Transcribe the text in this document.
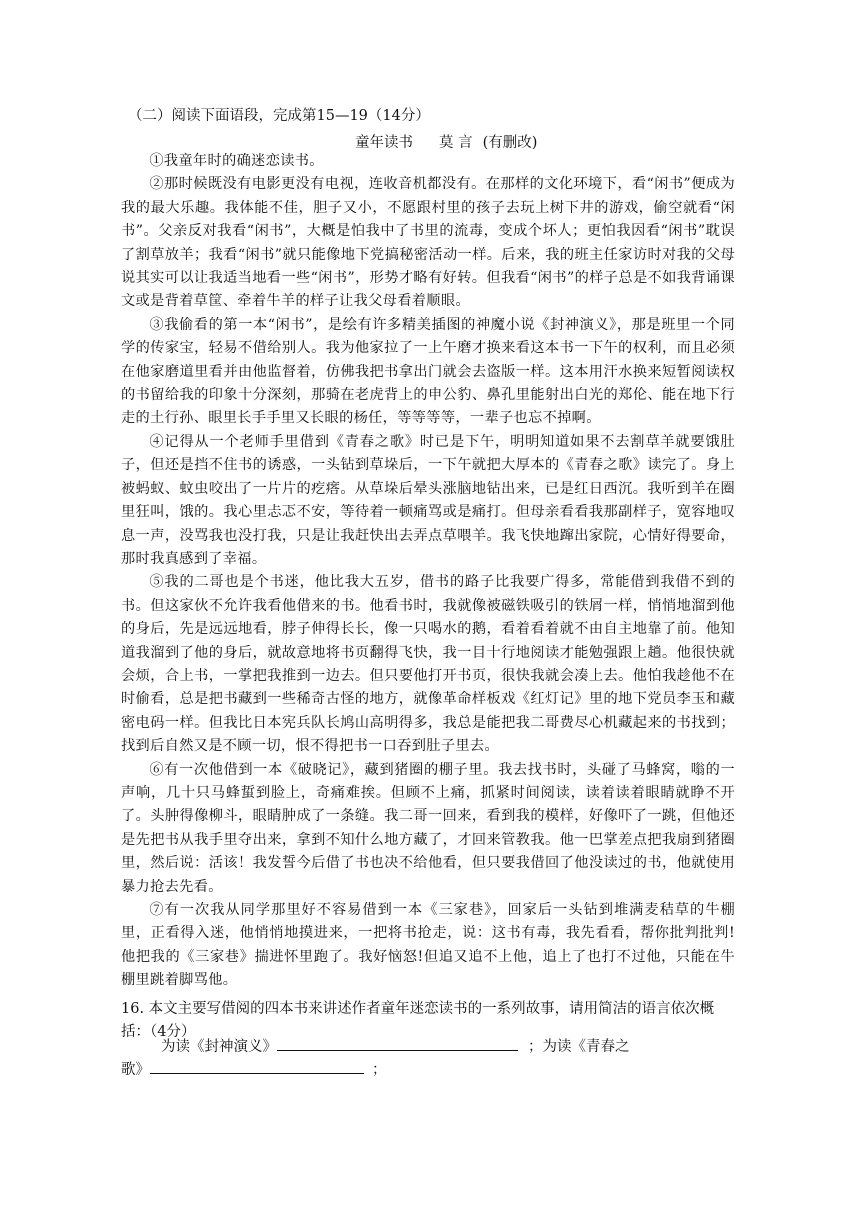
（二）阅读下面语段，完成第15—19（14分）
童年读书 莫 言 (有删改)

①我童年时的确迷恋读书。

②那时候既没有电影更没有电视，连收音机都没有。在那样的文化环境下，看“闲书”便成为我的最大乐趣。我体能不佳，胆子又小，不愿跟村里的孩子去玩上树下井的游戏，偷空就看“闲书”。父亲反对我看“闲书”，大概是怕我中了书里的流毒，变成个坏人；更怕我因看“闲书”耽误了割草放羊；我看“闲书”就只能像地下党搞秘密活动一样。后来，我的班主任家访时对我的父母说其实可以让我适当地看一些“闲书”，形势才略有好转。但我看“闲书”的样子总是不如我背诵课文或是背着草筐、牵着牛羊的样子让我父母看着顺眼。

③我偷看的第一本“闲书”，是绘有许多精美插图的神魔小说《封神演义》，那是班里一个同学的传家宝，轻易不借给别人。我为他家拉了一上午磨才换来看这本书一下午的权利，而且必须在他家磨道里看并由他监督着，仿佛我把书拿出门就会去盗版一样。这本用汗水换来短暂阅读权的书留给我的印象十分深刻，那骑在老虎背上的申公豹、鼻孔里能射出白光的郑伦、能在地下行走的土行孙、眼里长手手里又长眼的杨任，等等等等，一辈子也忘不掉啊。

④记得从一个老师手里借到《青春之歌》时已是下午，明明知道如果不去割草羊就要饿肚子，但还是挡不住书的诱惑，一头钻到草垛后，一下午就把大厚本的《青春之歌》读完了。身上被蚂蚁、蚊虫咬出了一片片的疙瘩。从草垛后晕头涨脑地钻出来，已是红日西沉。我听到羊在圈里狂叫，饿的。我心里忐忑不安，等待着一顿痛骂或是痛打。但母亲看看我那副样子，宽容地叹息一声，没骂我也没打我，只是让我赶快出去弄点草喂羊。我飞快地蹿出家院，心情好得要命，那时我真感到了幸福。

⑤我的二哥也是个书迷，他比我大五岁，借书的路子比我要广得多，常能借到我借不到的书。但这家伙不允许我看他借来的书。他看书时，我就像被磁铁吸引的铁屑一样，悄悄地溜到他的身后，先是远远地看，脖子伸得长长，像一只喝水的鹅，看着看着就不由自主地靠了前。他知道我溜到了他的身后，就故意地将书页翻得飞快，我一目十行地阅读才能勉强跟上趟。他很快就会烦，合上书，一掌把我推到一边去。但只要他打开书页，很快我就会凑上去。他怕我趁他不在时偷看，总是把书藏到一些稀奇古怪的地方，就像革命样板戏《红灯记》里的地下党员李玉和藏密电码一样。但我比日本宪兵队长鸠山高明得多，我总是能把我二哥费尽心机藏起来的书找到；找到后自然又是不顾一切，恨不得把书一口吞到肚子里去。

⑥有一次他借到一本《破晓记》，藏到猪圈的棚子里。我去找书时，头碰了马蜂窝，嗡的一声响，几十只马蜂蜇到脸上，奇痛难挨。但顾不上痛，抓紧时间阅读，读着读着眼睛就睁不开了。头肿得像柳斗，眼睛肿成了一条缝。我二哥一回来，看到我的模样，好像吓了一跳，但他还是先把书从我手里夺出来，拿到不知什么地方藏了，才回来管教我。他一巴掌差点把我扇到猪圈里，然后说：活该！我发誓今后借了书也决不给他看，但只要我借回了他没读过的书，他就使用暴力抢去先看。

⑦有一次我从同学那里好不容易借到一本《三家巷》，回家后一头钻到堆满麦秸草的牛棚里，正看得入迷，他悄悄地摸进来，一把将书抢走，说：这书有毒，我先看看，帮你批判批判!他把我的《三家巷》揣进怀里跑了。我好恼怒!但追又追不上他，追上了也打不过他，只能在牛棚里跳着脚骂他。

16. 本文主要写借阅的四本书来讲述作者童年迷恋读书的一系列故事，请用简洁的语言依次概括：（4分）

为读《封神演义》	；为读《青春之
歌》	；
